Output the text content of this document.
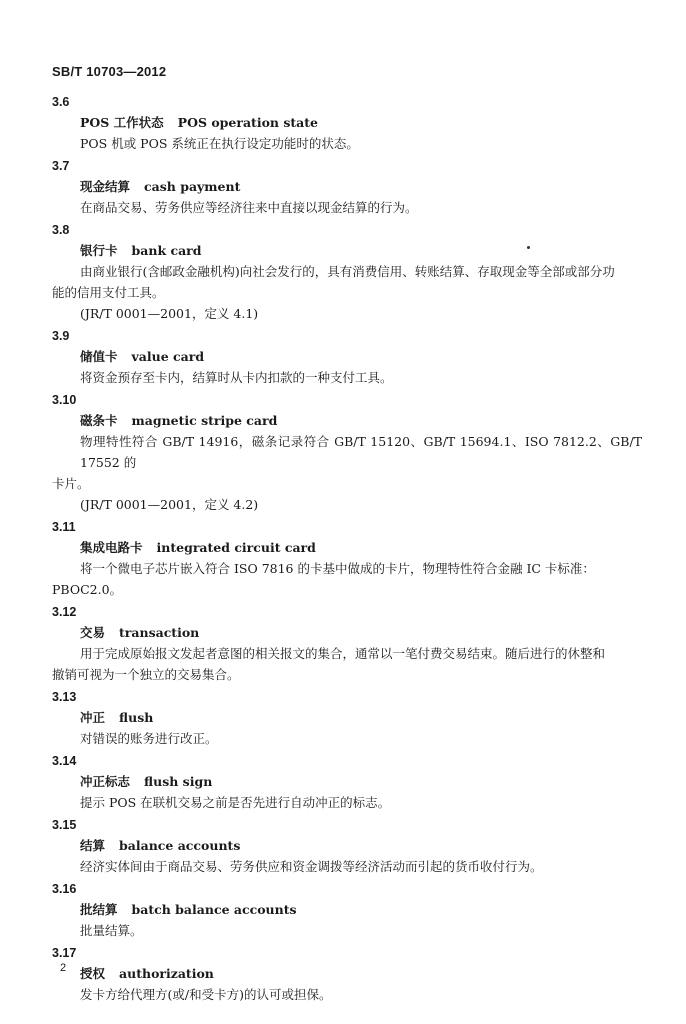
SB/T 10703—2012
3.6
POS 工作状态 POS operation state
POS 机或 POS 系统正在执行设定功能时的状态。
3.7
现金结算 cash payment
在商品交易、劳务供应等经济往来中直接以现金结算的行为。
3.8
银行卡 bank card
由商业银行(含邮政金融机构)向社会发行的，具有消费信用、转账结算、存取现金等全部或部分功
能的信用支付工具。
(JR/T 0001—2001，定义 4.1)
3.9
储值卡 value card
将资金预存至卡内，结算时从卡内扣款的一种支付工具。
3.10
磁条卡 magnetic stripe card
物理特性符合 GB/T 14916，磁条记录符合 GB/T 15120、GB/T 15694.1、ISO 7812.2、GB/T 17552 的
卡片。
(JR/T 0001—2001，定义 4.2)
3.11
集成电路卡 integrated circuit card
将一个微电子芯片嵌入符合 ISO 7816 的卡基中做成的卡片，物理特性符合金融 IC 卡标准：
PBOC2.0。
3.12
交易 transaction
用于完成原始报文发起者意图的相关报文的集合，通常以一笔付费交易结束。随后进行的休整和
撤销可视为一个独立的交易集合。
3.13
冲正 flush
对错误的账务进行改正。
3.14
冲正标志 flush sign
提示 POS 在联机交易之前是否先进行自动冲正的标志。
3.15
结算 balance accounts
经济实体间由于商品交易、劳务供应和资金调拨等经济活动而引起的货币收付行为。
3.16
批结算 batch balance accounts
批量结算。
3.17
授权 authorization
发卡方给代理方(或/和受卡方)的认可或担保。
2
